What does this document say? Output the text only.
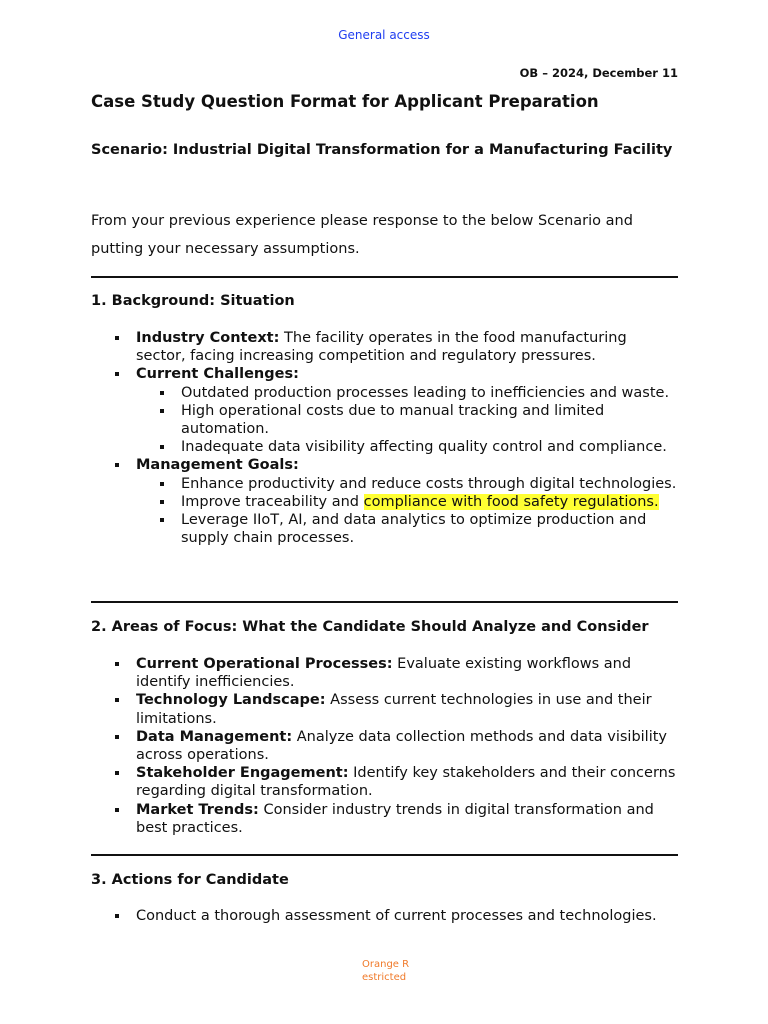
General access
OB – 2024, December 11
Case Study Question Format for Applicant Preparation

Scenario: Industrial Digital Transformation for a Manufacturing Facility

From your previous experience please response to the below Scenario and putting your necessary assumptions.

1. Background: Situation
Industry Context: The facility operates in the food manufacturing sector, facing increasing competition and regulatory pressures.
Current Challenges:
Outdated production processes leading to inefficiencies and waste.
High operational costs due to manual tracking and limited automation.
Inadequate data visibility affecting quality control and compliance.
Management Goals:
Enhance productivity and reduce costs through digital technologies.
Improve traceability and compliance with food safety regulations.
Leverage IIoT, AI, and data analytics to optimize production and supply chain processes.
2. Areas of Focus: What the Candidate Should Analyze and Consider
Current Operational Processes: Evaluate existing workflows and identify inefficiencies.
Technology Landscape: Assess current technologies in use and their limitations.
Data Management: Analyze data collection methods and data visibility across operations.
Stakeholder Engagement: Identify key stakeholders and their concerns regarding digital transformation.
Market Trends: Consider industry trends in digital transformation and best practices.
3. Actions for Candidate
Conduct a thorough assessment of current processes and technologies.
Orange Restricted
